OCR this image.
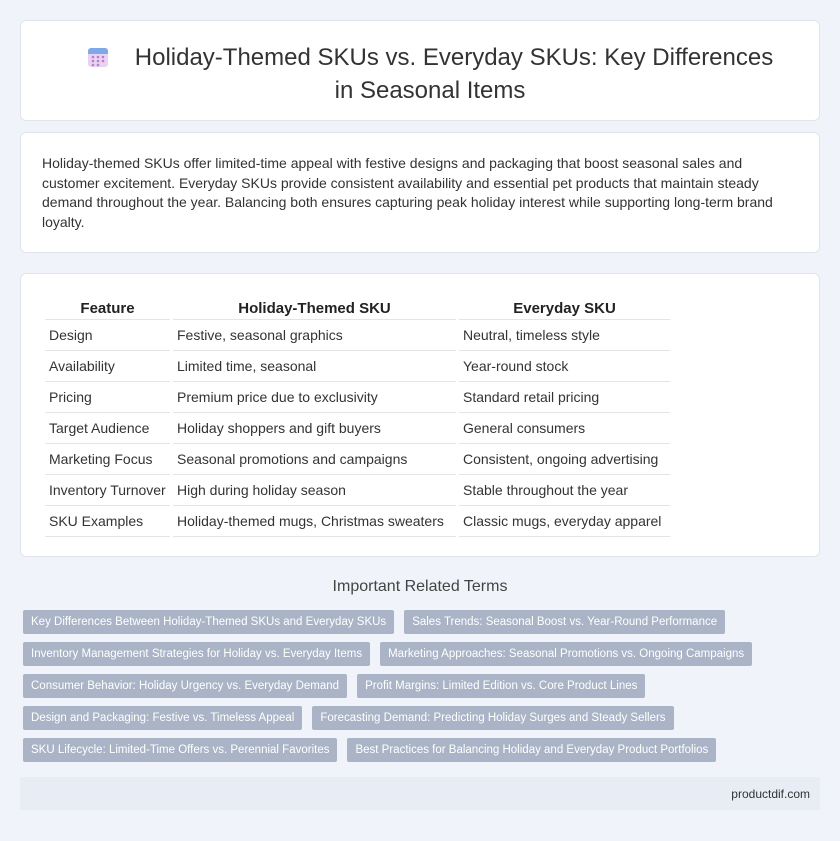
Holiday-Themed SKUs vs. Everyday SKUs: Key Differences in Seasonal Items

Holiday-themed SKUs offer limited-time appeal with festive designs and packaging that boost seasonal sales and customer excitement. Everyday SKUs provide consistent availability and essential pet products that maintain steady demand throughout the year. Balancing both ensures capturing peak holiday interest while supporting long-term brand loyalty.

Feature	Holiday-Themed SKU	Everyday SKU
Design	Festive, seasonal graphics	Neutral, timeless style
Availability	Limited time, seasonal	Year-round stock
Pricing	Premium price due to exclusivity	Standard retail pricing
Target Audience	Holiday shoppers and gift buyers	General consumers
Marketing Focus	Seasonal promotions and campaigns	Consistent, ongoing advertising
Inventory Turnover	High during holiday season	Stable throughout the year
SKU Examples	Holiday-themed mugs, Christmas sweaters	Classic mugs, everyday apparel
Important Related Terms
Key Differences Between Holiday-Themed SKUs and Everyday SKUs	Sales Trends: Seasonal Boost vs. Year-Round Performance
Inventory Management Strategies for Holiday vs. Everyday Items	Marketing Approaches: Seasonal Promotions vs. Ongoing Campaigns
Consumer Behavior: Holiday Urgency vs. Everyday Demand	Profit Margins: Limited Edition vs. Core Product Lines
Design and Packaging: Festive vs. Timeless Appeal	Forecasting Demand: Predicting Holiday Surges and Steady Sellers
SKU Lifecycle: Limited-Time Offers vs. Perennial Favorites	Best Practices for Balancing Holiday and Everyday Product Portfolios
productdif.com
